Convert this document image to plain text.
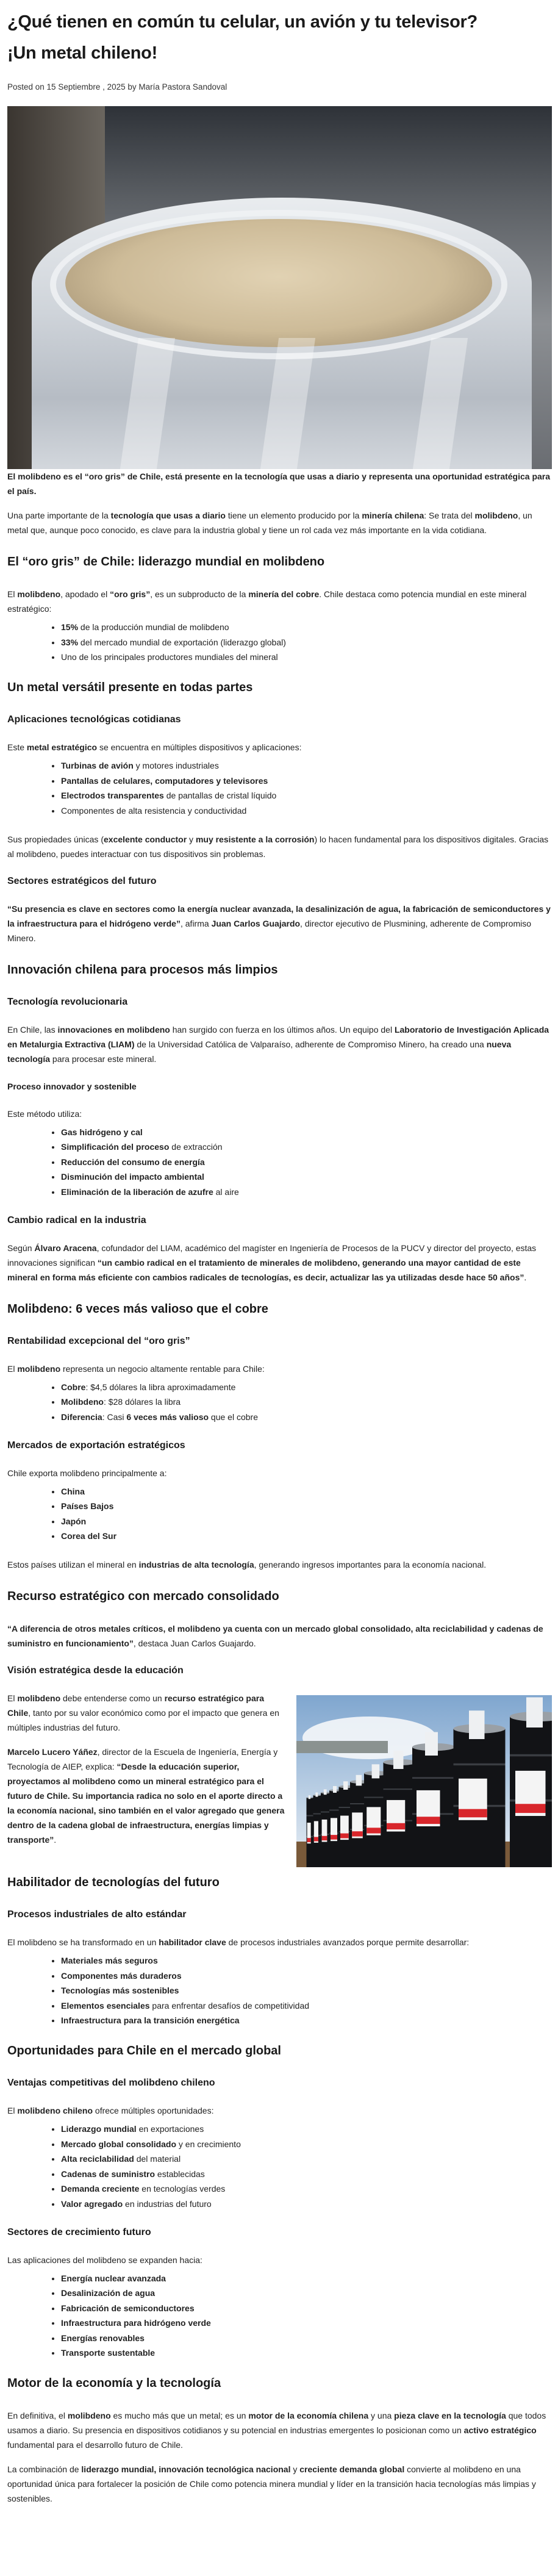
¿Qué tienen en común tu celular, un avión y tu televisor?
¡Un metal chileno!
Posted on 15 Septiembre , 2025 by María Pastora Sandoval

El molibdeno es el “oro gris” de Chile, está presente en la tecnología que usas a diario y representa una oportunidad estratégica para el país.

Una parte importante de la tecnología que usas a diario tiene un elemento producido por la minería chilena: Se trata del molibdeno, un metal que, aunque poco conocido, es clave para la industria global y tiene un rol cada vez más importante en la vida cotidiana.

El “oro gris” de Chile: liderazgo mundial en molibdeno

El molibdeno, apodado el “oro gris”, es un subproducto de la minería del cobre. Chile destaca como potencia mundial en este mineral estratégico:

• 15% de la producción mundial de molibdeno
• 33% del mercado mundial de exportación (liderazgo global)
• Uno de los principales productores mundiales del mineral
Un metal versátil presente en todas partes
Aplicaciones tecnológicas cotidianas

Este metal estratégico se encuentra en múltiples dispositivos y aplicaciones:

• Turbinas de avión y motores industriales
• Pantallas de celulares, computadores y televisores
• Electrodos transparentes de pantallas de cristal líquido
• Componentes de alta resistencia y conductividad

Sus propiedades únicas (excelente conductor y muy resistente a la corrosión) lo hacen fundamental para los dispositivos digitales. Gracias al molibdeno, puedes interactuar con tus dispositivos sin problemas.

Sectores estratégicos del futuro

“Su presencia es clave en sectores como la energía nuclear avanzada, la desalinización de agua, la fabricación de semiconductores y la infraestructura para el hidrógeno verde”, afirma Juan Carlos Guajardo, director ejecutivo de Plusmining, adherente de Compromiso Minero.

Innovación chilena para procesos más limpios
Tecnología revolucionaria

En Chile, las innovaciones en molibdeno han surgido con fuerza en los últimos años. Un equipo del Laboratorio de Investigación Aplicada en Metalurgia Extractiva (LIAM) de la Universidad Católica de Valparaíso, adherente de Compromiso Minero, ha creado una nueva tecnología para procesar este mineral.

Proceso innovador y sostenible

Este método utiliza:

• Gas hidrógeno y cal
• Simplificación del proceso de extracción
• Reducción del consumo de energía
• Disminución del impacto ambiental
• Eliminación de la liberación de azufre al aire
Cambio radical en la industria

Según Álvaro Aracena, cofundador del LIAM, académico del magíster en Ingeniería de Procesos de la PUCV y director del proyecto, estas innovaciones significan “un cambio radical en el tratamiento de minerales de molibdeno, generando una mayor cantidad de este mineral en forma más eficiente con cambios radicales de tecnologías, es decir, actualizar las ya utilizadas desde hace 50 años”.

Molibdeno: 6 veces más valioso que el cobre
Rentabilidad excepcional del “oro gris”

El molibdeno representa un negocio altamente rentable para Chile:

• Cobre: $4,5 dólares la libra aproximadamente
• Molibdeno: $28 dólares la libra
• Diferencia: Casi 6 veces más valioso que el cobre
Mercados de exportación estratégicos

Chile exporta molibdeno principalmente a:

• China
• Países Bajos
• Japón
• Corea del Sur

Estos países utilizan el mineral en industrias de alta tecnología, generando ingresos importantes para la economía nacional.

Recurso estratégico con mercado consolidado

“A diferencia de otros metales críticos, el molibdeno ya cuenta con un mercado global consolidado, alta reciclabilidad y cadenas de suministro en funcionamiento”, destaca Juan Carlos Guajardo.

Visión estratégica desde la educación

El molibdeno debe entenderse como un recurso estratégico para Chile, tanto por su valor económico como por el impacto que genera en múltiples industrias del futuro.

Marcelo Lucero Yáñez, director de la Escuela de Ingeniería, Energía y Tecnología de AIEP, explica: “Desde la educación superior, proyectamos al molibdeno como un mineral estratégico para el futuro de Chile. Su importancia radica no solo en el aporte directo a la economía nacional, sino también en el valor agregado que genera dentro de la cadena global de infraestructura, energías limpias y transporte”.

Habilitador de tecnologías del futuro
Procesos industriales de alto estándar

El molibdeno se ha transformado en un habilitador clave de procesos industriales avanzados porque permite desarrollar:

• Materiales más seguros
• Componentes más duraderos
• Tecnologías más sostenibles
• Elementos esenciales para enfrentar desafíos de competitividad
• Infraestructura para la transición energética
Oportunidades para Chile en el mercado global
Ventajas competitivas del molibdeno chileno

El molibdeno chileno ofrece múltiples oportunidades:

• Liderazgo mundial en exportaciones
• Mercado global consolidado y en crecimiento
• Alta reciclabilidad del material
• Cadenas de suministro establecidas
• Demanda creciente en tecnologías verdes
• Valor agregado en industrias del futuro
Sectores de crecimiento futuro

Las aplicaciones del molibdeno se expanden hacia:

• Energía nuclear avanzada
• Desalinización de agua
• Fabricación de semiconductores
• Infraestructura para hidrógeno verde
• Energías renovables
• Transporte sustentable
Motor de la economía y la tecnología

En definitiva, el molibdeno es mucho más que un metal; es un motor de la economía chilena y una pieza clave en la tecnología que todos usamos a diario. Su presencia en dispositivos cotidianos y su potencial en industrias emergentes lo posicionan como un activo estratégico fundamental para el desarrollo futuro de Chile.

La combinación de liderazgo mundial, innovación tecnológica nacional y creciente demanda global convierte al molibdeno en una oportunidad única para fortalecer la posición de Chile como potencia minera mundial y líder en la transición hacia tecnologías más limpias y sostenibles.
